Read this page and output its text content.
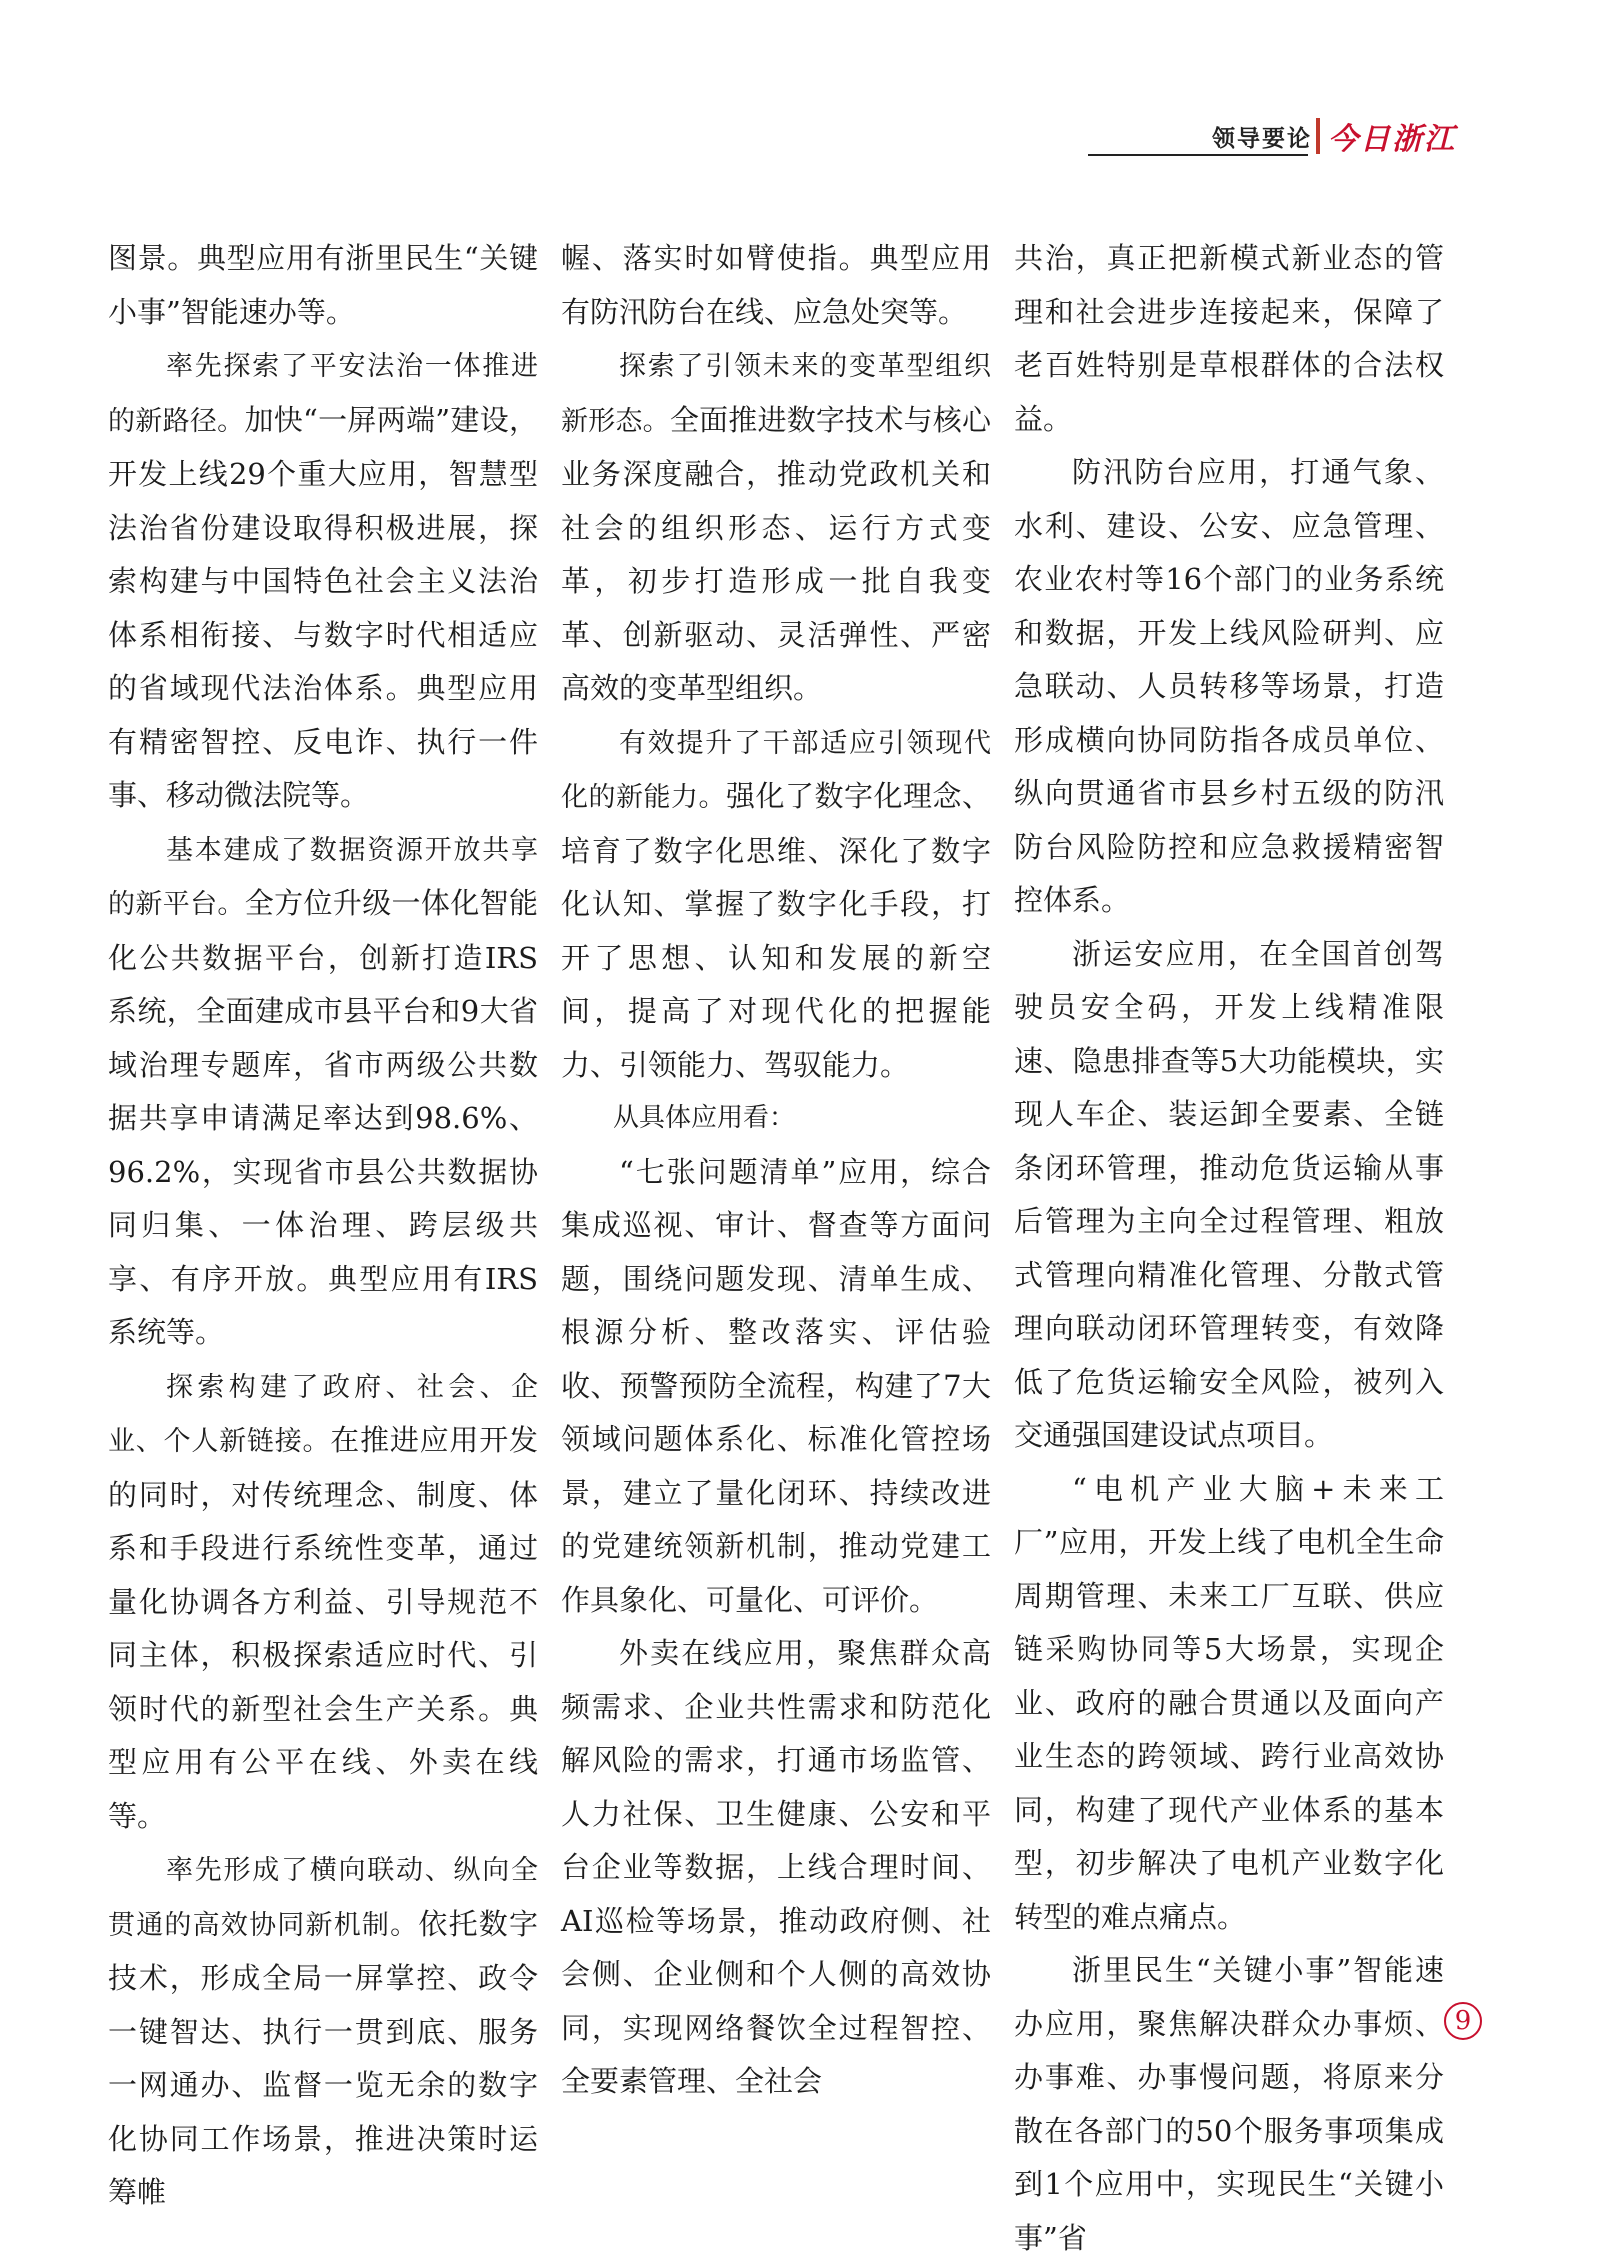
领导要论 今日浙江

图景。典型应用有浙里民生“关键小事”智能速办等。

率先探索了平安法治一体推进的新路径。加快“一屏两端”建设，开发上线29个重大应用，智慧型法治省份建设取得积极进展，探索构建与中国特色社会主义法治体系相衔接、与数字时代相适应的省域现代法治体系。典型应用有精密智控、反电诈、执行一件事、移动微法院等。

基本建成了数据资源开放共享的新平台。全方位升级一体化智能化公共数据平台，创新打造IRS系统，全面建成市县平台和9大省域治理专题库，省市两级公共数据共享申请满足率达到98.6%、96.2%，实现省市县公共数据协同归集、一体治理、跨层级共享、有序开放。典型应用有IRS系统等。

探索构建了政府、社会、企业、个人新链接。在推进应用开发的同时，对传统理念、制度、体系和手段进行系统性变革，通过量化协调各方利益、引导规范不同主体，积极探索适应时代、引领时代的新型社会生产关系。典型应用有公平在线、外卖在线等。

率先形成了横向联动、纵向全贯通的高效协同新机制。依托数字技术，形成全局一屏掌控、政令一键智达、执行一贯到底、服务一网通办、监督一览无余的数字化协同工作场景，推进决策时运筹帷

幄、落实时如臂使指。典型应用有防汛防台在线、应急处突等。

探索了引领未来的变革型组织新形态。全面推进数字技术与核心业务深度融合，推动党政机关和社会的组织形态、运行方式变革，初步打造形成一批自我变革、创新驱动、灵活弹性、严密高效的变革型组织。

有效提升了干部适应引领现代化的新能力。强化了数字化理念、培育了数字化思维、深化了数字化认知、掌握了数字化手段，打开了思想、认知和发展的新空间，提高了对现代化的把握能力、引领能力、驾驭能力。

从具体应用看：

“七张问题清单”应用，综合集成巡视、审计、督查等方面问题，围绕问题发现、清单生成、根源分析、整改落实、评估验收、预警预防全流程，构建了7大领域问题体系化、标准化管控场景，建立了量化闭环、持续改进的党建统领新机制，推动党建工作具象化、可量化、可评价。

外卖在线应用，聚焦群众高频需求、企业共性需求和防范化解风险的需求，打通市场监管、人力社保、卫生健康、公安和平台企业等数据，上线合理时间、AI巡检等场景，推动政府侧、社会侧、企业侧和个人侧的高效协同，实现网络餐饮全过程智控、全要素管理、全社会

共治，真正把新模式新业态的管理和社会进步连接起来，保障了老百姓特别是草根群体的合法权益。

防汛防台应用，打通气象、水利、建设、公安、应急管理、农业农村等16个部门的业务系统和数据，开发上线风险研判、应急联动、人员转移等场景，打造形成横向协同防指各成员单位、纵向贯通省市县乡村五级的防汛防台风险防控和应急救援精密智控体系。

浙运安应用，在全国首创驾驶员安全码，开发上线精准限速、隐患排查等5大功能模块，实现人车企、装运卸全要素、全链条闭环管理，推动危货运输从事后管理为主向全过程管理、粗放式管理向精准化管理、分散式管理向联动闭环管理转变，有效降低了危货运输安全风险，被列入交通强国建设试点项目。

“电机产业大脑+未来工厂”应用，开发上线了电机全生命周期管理、未来工厂互联、供应链采购协同等5大场景，实现企业、政府的融合贯通以及面向产业生态的跨领域、跨行业高效协同，构建了现代产业体系的基本型，初步解决了电机产业数字化转型的难点痛点。

浙里民生“关键小事”智能速办应用，聚焦解决群众办事烦、办事难、办事慢问题，将原来分散在各部门的50个服务事项集成到1个应用中，实现民生“关键小事”省

9
